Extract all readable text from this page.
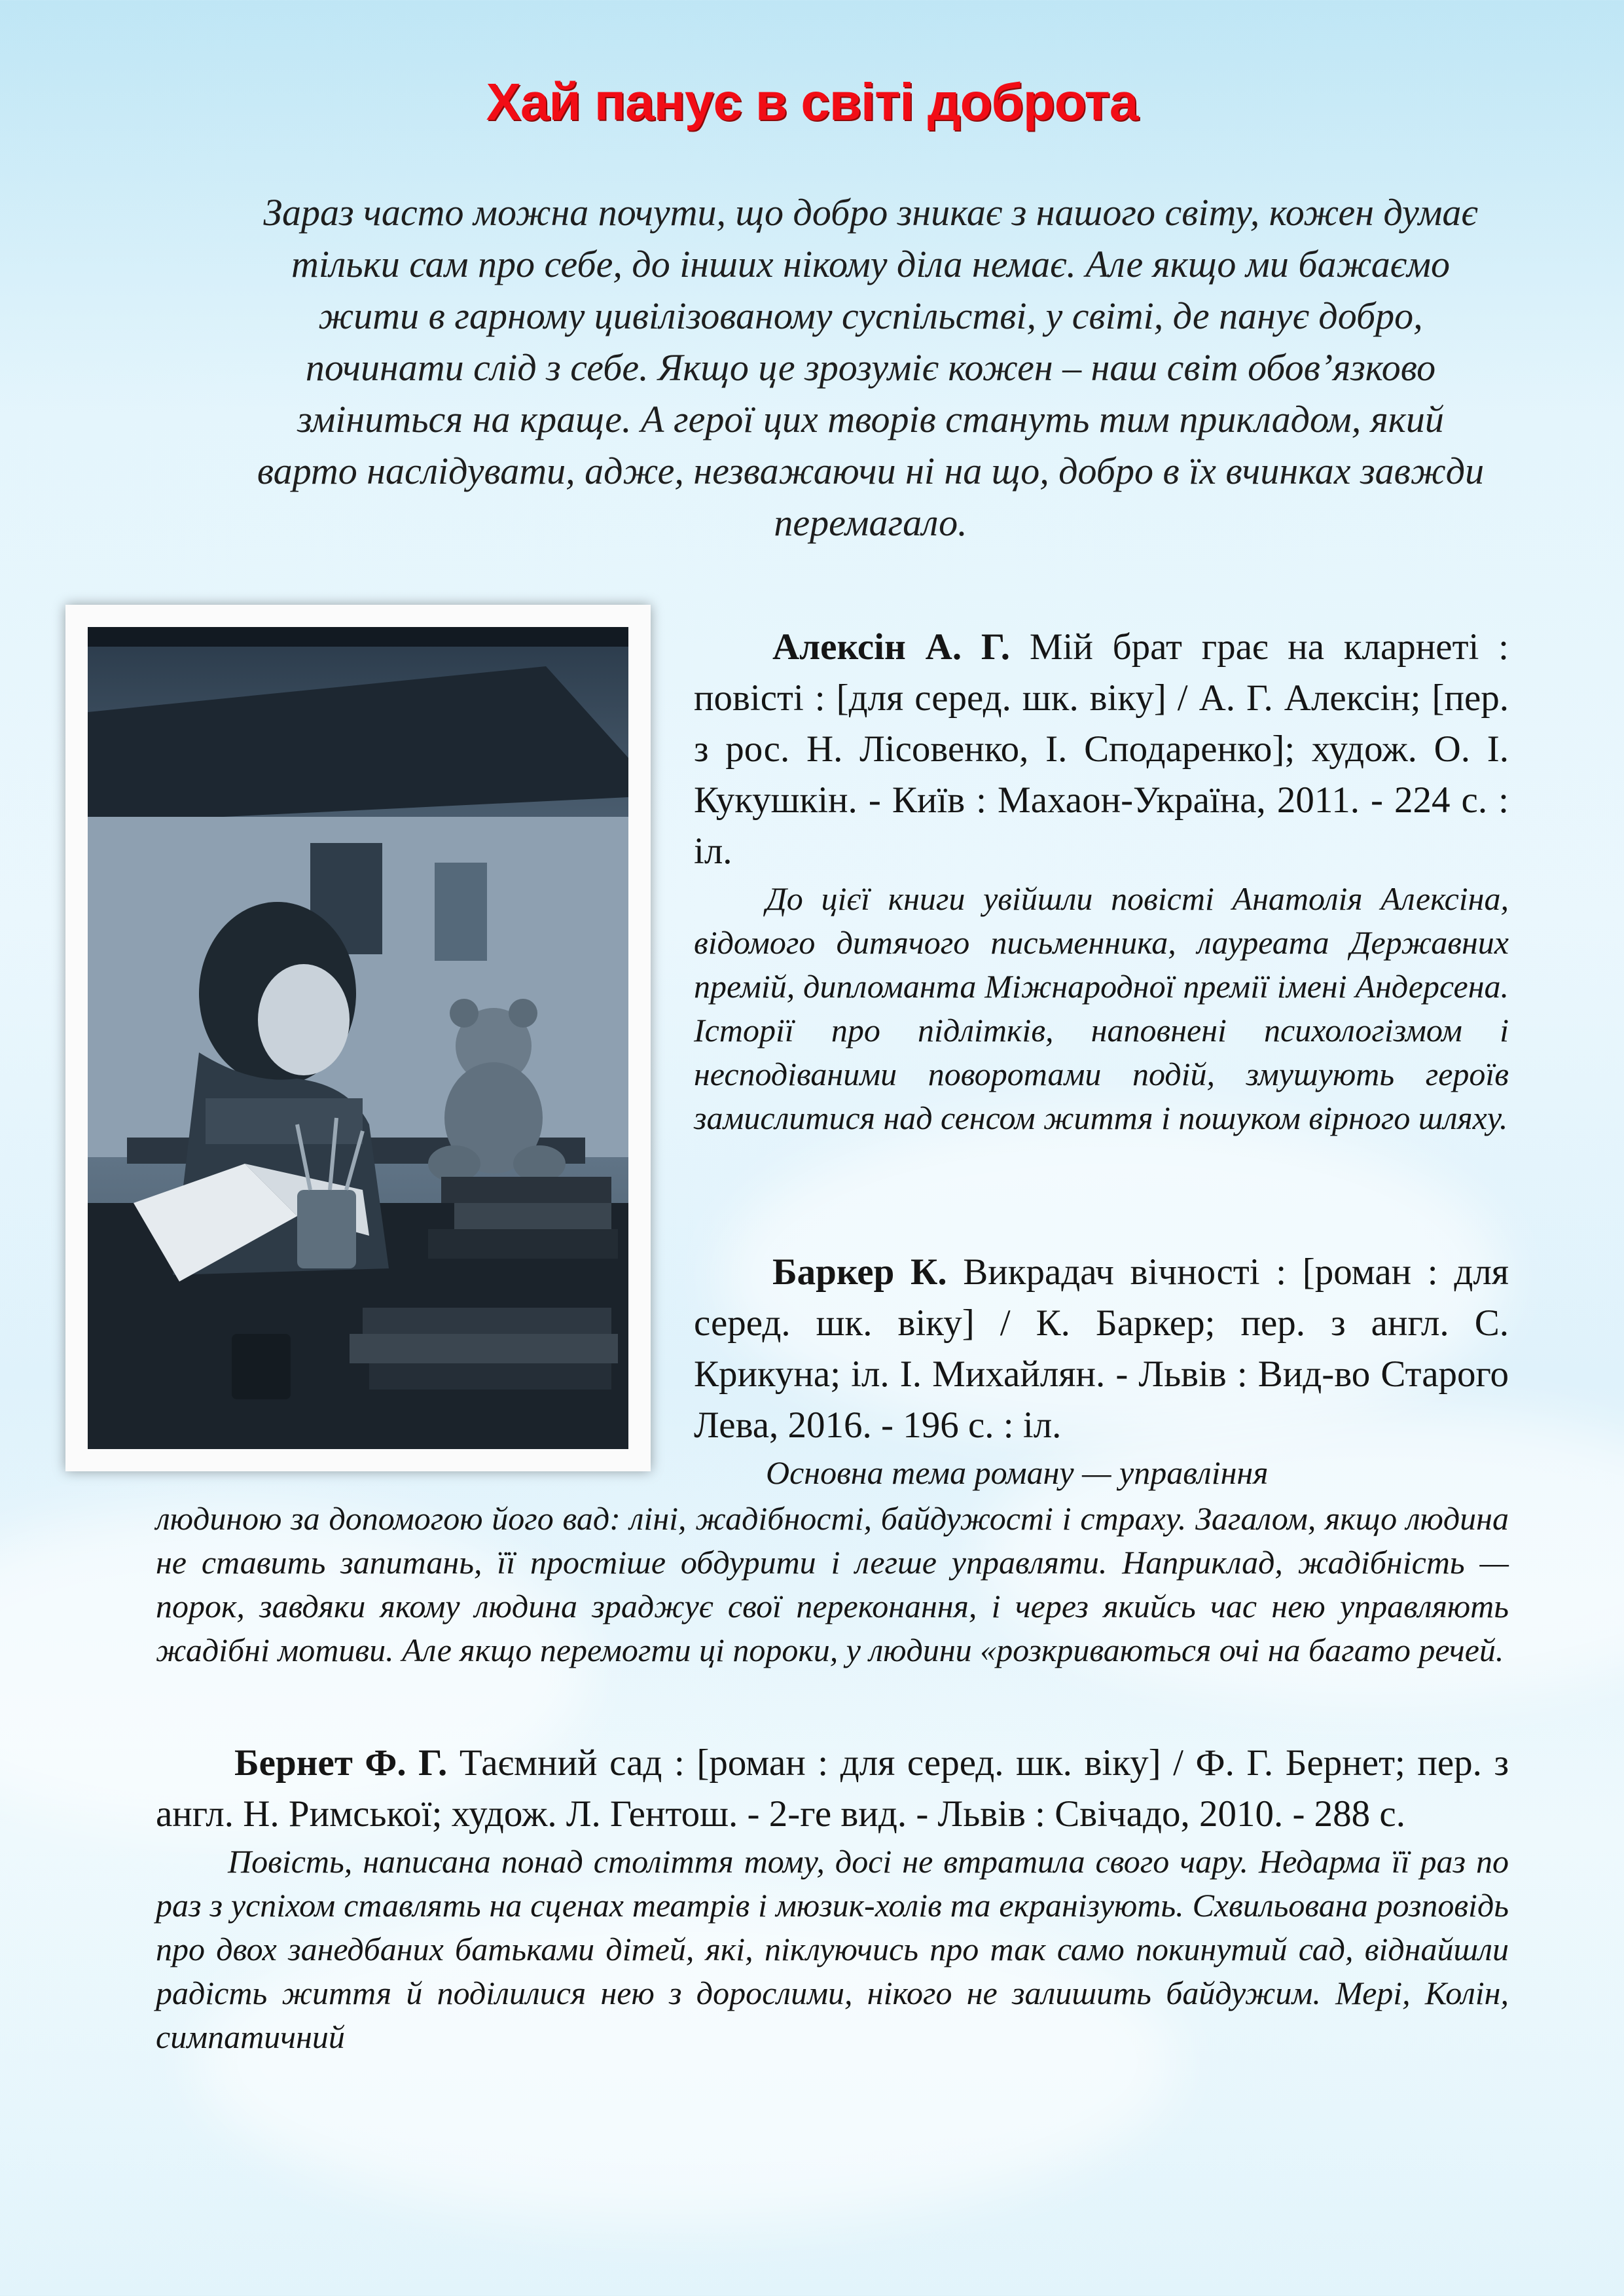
Хай панує в світі доброта

Зараз часто можна почути, що добро зникає з нашого світу, кожен думає тільки сам про себе, до інших нікому діла немає. Але якщо ми бажаємо жити в гарному цивілізованому суспільстві, у світі, де панує добро, починати слід з себе. Якщо це зрозуміє кожен – наш світ обов’язково зміниться на краще. А герої цих творів стануть тим прикладом, який варто наслідувати, адже, незважаючи ні на що, добро в їх вчинках завжди перемагало.

Алексін А. Г. Мій брат грає на кларнеті : повісті : [для серед. шк. віку] / А. Г. Алексін; [пер. з рос. Н. Лісовенко, І. Сподаренко]; худож. О. І. Кукушкін. - Київ : Махаон-Україна, 2011. - 224 с. : іл.

До цієї книги увійшли повісті Анатолія Алексіна, відомого дитячого письменника, лауреата Державних премій, дипломанта Міжнародної премії імені Андерсена. Історії про підлітків, наповнені психологізмом і несподіваними поворотами подій, змушують героїв замислитися над сенсом життя і пошуком вірного шляху.

Баркер К. Викрадач вічності : [роман : для серед. шк. віку] / К. Баркер; пер. з англ. С. Крикуна; іл. І. Михайлян. - Львів : Вид-во Старого Лева, 2016. - 196 с. : іл.

Основна тема роману — управління

людиною за допомогою його вад: ліні, жадібності, байдужості і страху. Загалом, якщо людина не ставить запитань, її простіше обдурити і легше управляти. Наприклад, жадібність — порок, завдяки якому людина зраджує свої переконання, і через якийсь час нею управляють жадібні мотиви. Але якщо перемогти ці пороки, у людини «розкриваються очі на багато речей.

Бернет Ф. Г. Таємний сад : [роман : для серед. шк. віку] / Ф. Г. Бернет; пер. з англ. Н. Римської; худож. Л. Гентош. - 2-ге вид. - Львів : Свічадо, 2010. - 288 с.

Повість, написана понад століття тому, досі не втратила свого чару. Недарма її раз по раз з успіхом ставлять на сценах театрів і мюзик-холів та екранізують. Схвильована розповідь про двох занедбаних батьками дітей, які, піклуючись про так само покинутий сад, віднайшли радість життя й поділилися нею з дорослими, нікого не залишить байдужим. Мері, Колін, симпатичний
